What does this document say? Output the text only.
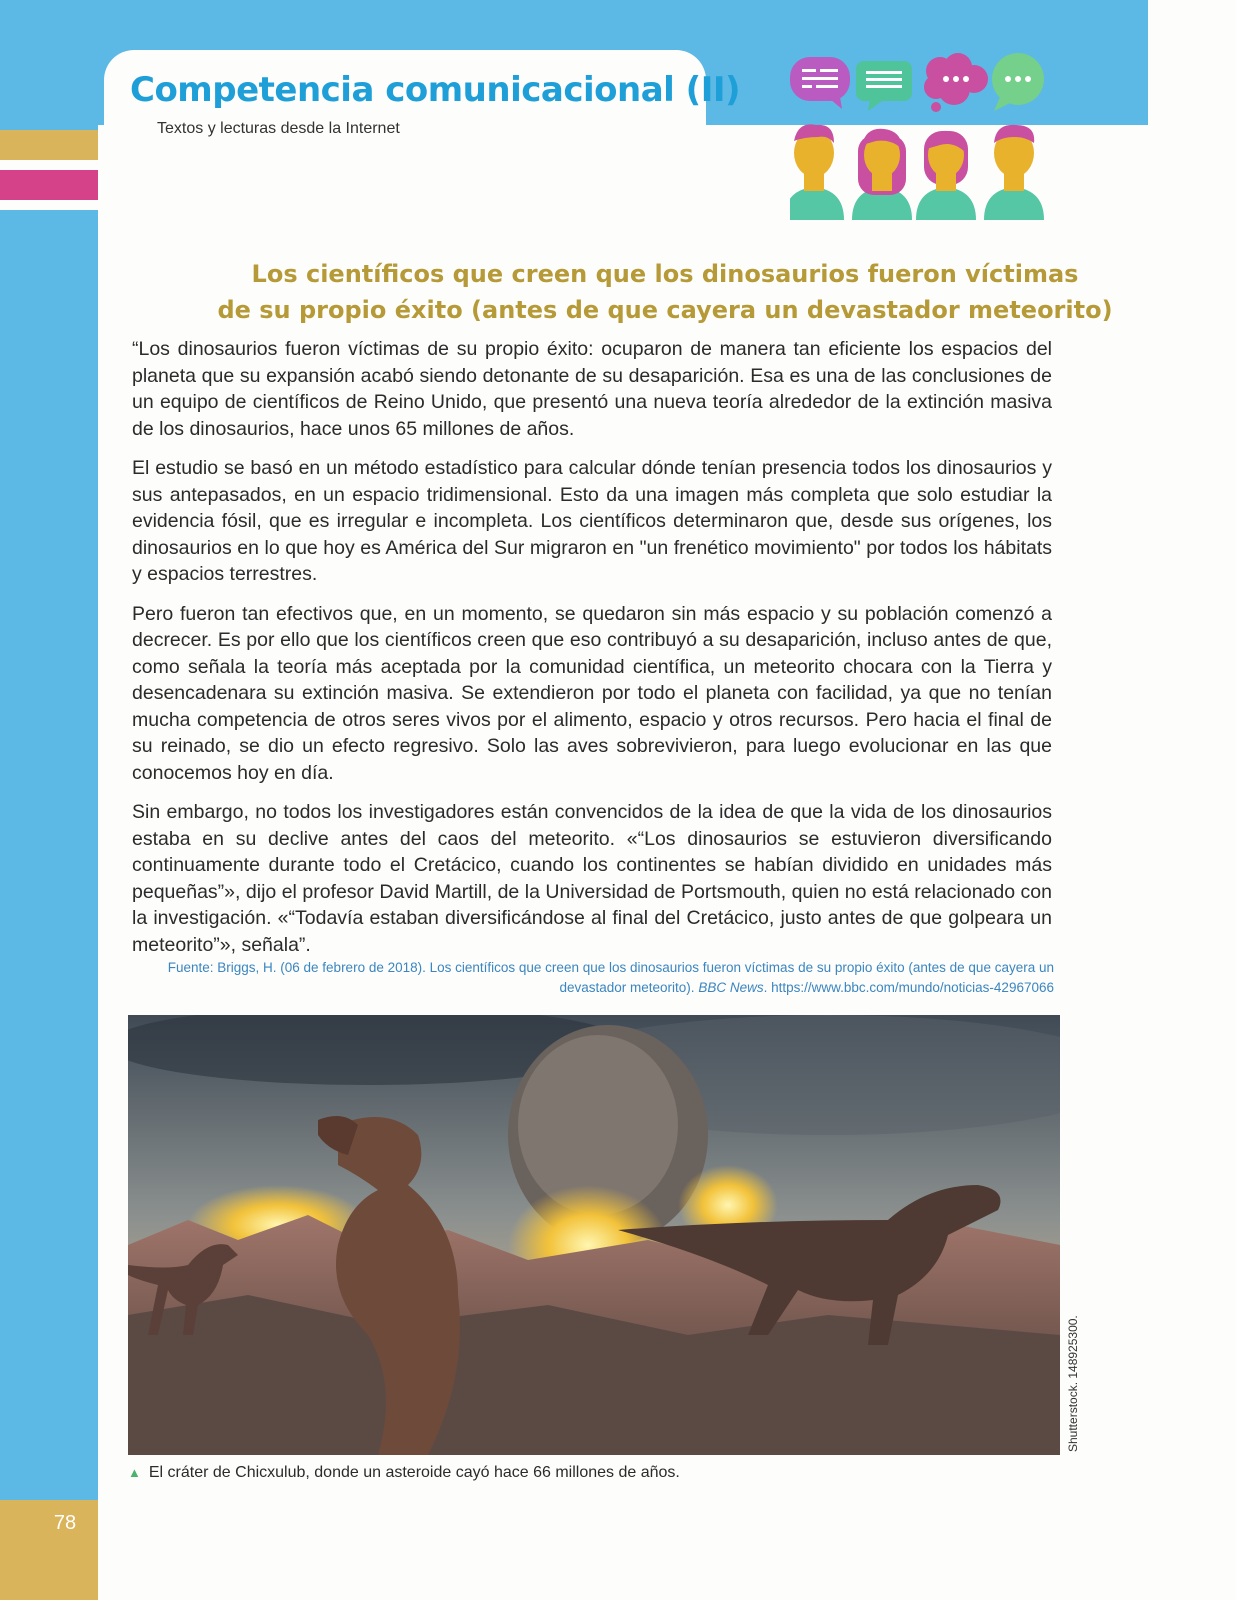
Competencia comunicacional (II)
Textos y lecturas desde la Internet
Los científicos que creen que los dinosaurios fueron víctimas
de su propio éxito (antes de que cayera un devastador meteorito)

“Los dinosaurios fueron víctimas de su propio éxito: ocuparon de manera tan eficiente los espacios del planeta que su expansión acabó siendo detonante de su desaparición. Esa es una de las conclusiones de un equipo de científicos de Reino Unido, que presentó una nueva teoría alrededor de la extinción masiva de los dinosaurios, hace unos 65 millones de años.

El estudio se basó en un método estadístico para calcular dónde tenían presencia todos los dinosaurios y sus antepasados, en un espacio tridimensional. Esto da una imagen más completa que solo estudiar la evidencia fósil, que es irregular e incompleta. Los científicos determinaron que, desde sus orígenes, los dinosaurios en lo que hoy es América del Sur migraron en "un frenético movimiento" por todos los hábitats y espacios terrestres.

Pero fueron tan efectivos que, en un momento, se quedaron sin más espacio y su población comenzó a decrecer. Es por ello que los científicos creen que eso contribuyó a su desaparición, incluso antes de que, como señala la teoría más aceptada por la comunidad científica, un meteorito chocara con la Tierra y desencadenara su extinción masiva. Se extendieron por todo el planeta con facilidad, ya que no tenían mucha competencia de otros seres vivos por el alimento, espacio y otros recursos. Pero hacia el final de su reinado, se dio un efecto regresivo. Solo las aves sobrevivieron, para luego evolucionar en las que conocemos hoy en día.

Sin embargo, no todos los investigadores están convencidos de la idea de que la vida de los dinosaurios estaba en su declive antes del caos del meteorito. «“Los dinosaurios se estuvieron diversificando continuamente durante todo el Cretácico, cuando los continentes se habían dividido en unidades más pequeñas”», dijo el profesor David Martill, de la Universidad de Portsmouth, quien no está relacionado con la investigación. «“Todavía estaban diversificándose al final del Cretácico, justo antes de que golpeara un meteorito”», señala”.

Fuente: Briggs, H. (06 de febrero de 2018). Los científicos que creen que los dinosaurios fueron víctimas de su propio éxito (antes de que cayera un devastador meteorito). BBC News. https://www.bbc.com/mundo/noticias-42967066
Shutterstock. 148925300.
▲ El cráter de Chicxulub, donde un asteroide cayó hace 66 millones de años.
78
